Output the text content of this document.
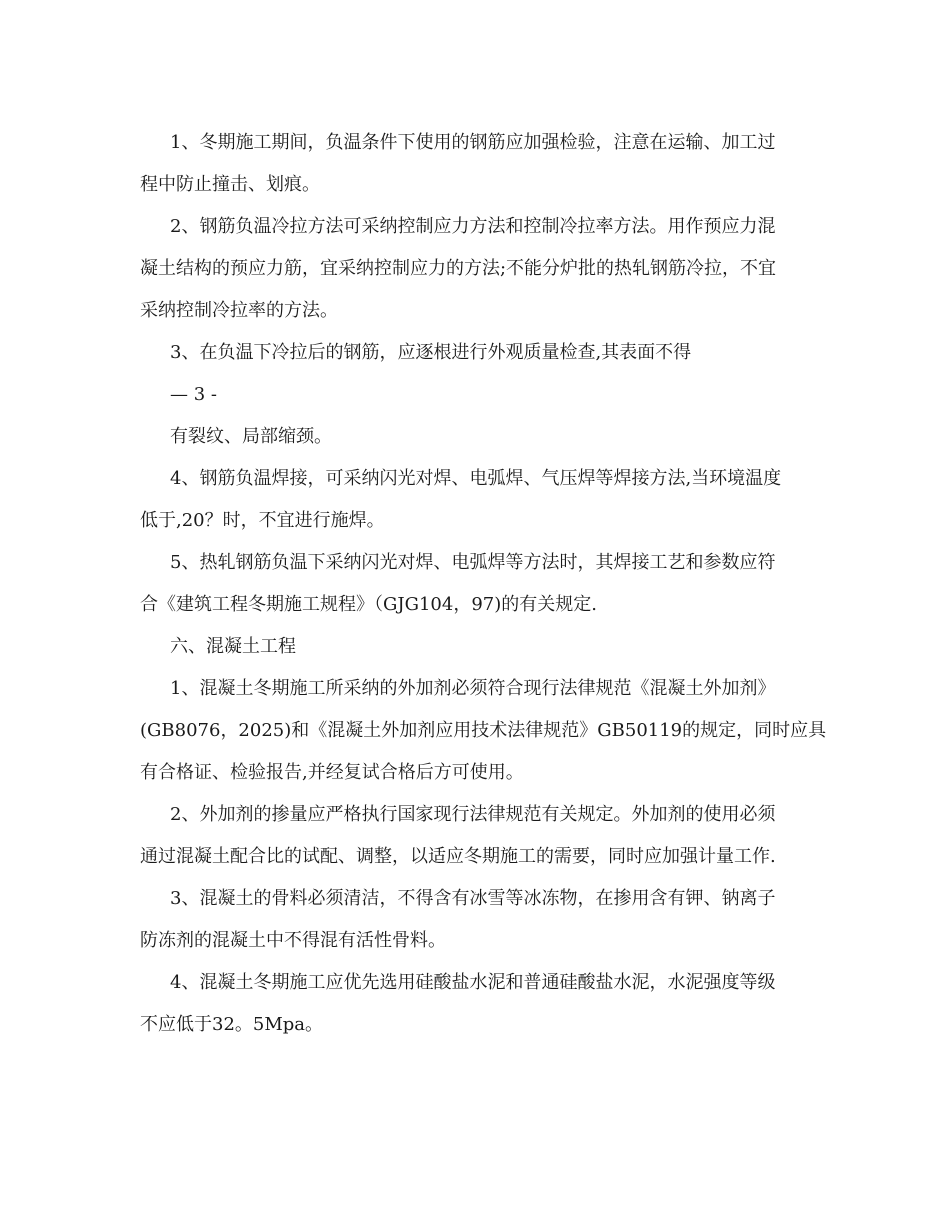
1、冬期施工期间，负温条件下使用的钢筋应加强检验，注意在运输、加工过
程中防止撞击、划痕。
2、钢筋负温冷拉方法可采纳控制应力方法和控制冷拉率方法。用作预应力混
凝土结构的预应力筋，宜采纳控制应力的方法;不能分炉批的热轧钢筋冷拉，不宜
采纳控制冷拉率的方法。
3、在负温下冷拉后的钢筋，应逐根进行外观质量检查,其表面不得
— 3 -
有裂纹、局部缩颈。
4、钢筋负温焊接，可采纳闪光对焊、电弧焊、气压焊等焊接方法,当环境温度
低于,20？时，不宜进行施焊。
5、热轧钢筋负温下采纳闪光对焊、电弧焊等方法时，其焊接工艺和参数应符
合《建筑工程冬期施工规程》（GJG104，97)的有关规定.
六、混凝土工程
1、混凝土冬期施工所采纳的外加剂必须符合现行法律规范《混凝土外加剂》
(GB8076，2025)和《混凝土外加剂应用技术法律规范》GB50119的规定，同时应具
有合格证、检验报告,并经复试合格后方可使用。
2、外加剂的掺量应严格执行国家现行法律规范有关规定。外加剂的使用必须
通过混凝土配合比的试配、调整，以适应冬期施工的需要，同时应加强计量工作.
3、混凝土的骨料必须清洁，不得含有冰雪等冰冻物，在掺用含有钾、钠离子
防冻剂的混凝土中不得混有活性骨料。
4、混凝土冬期施工应优先选用硅酸盐水泥和普通硅酸盐水泥，水泥强度等级
不应低于32。5Mpa。
